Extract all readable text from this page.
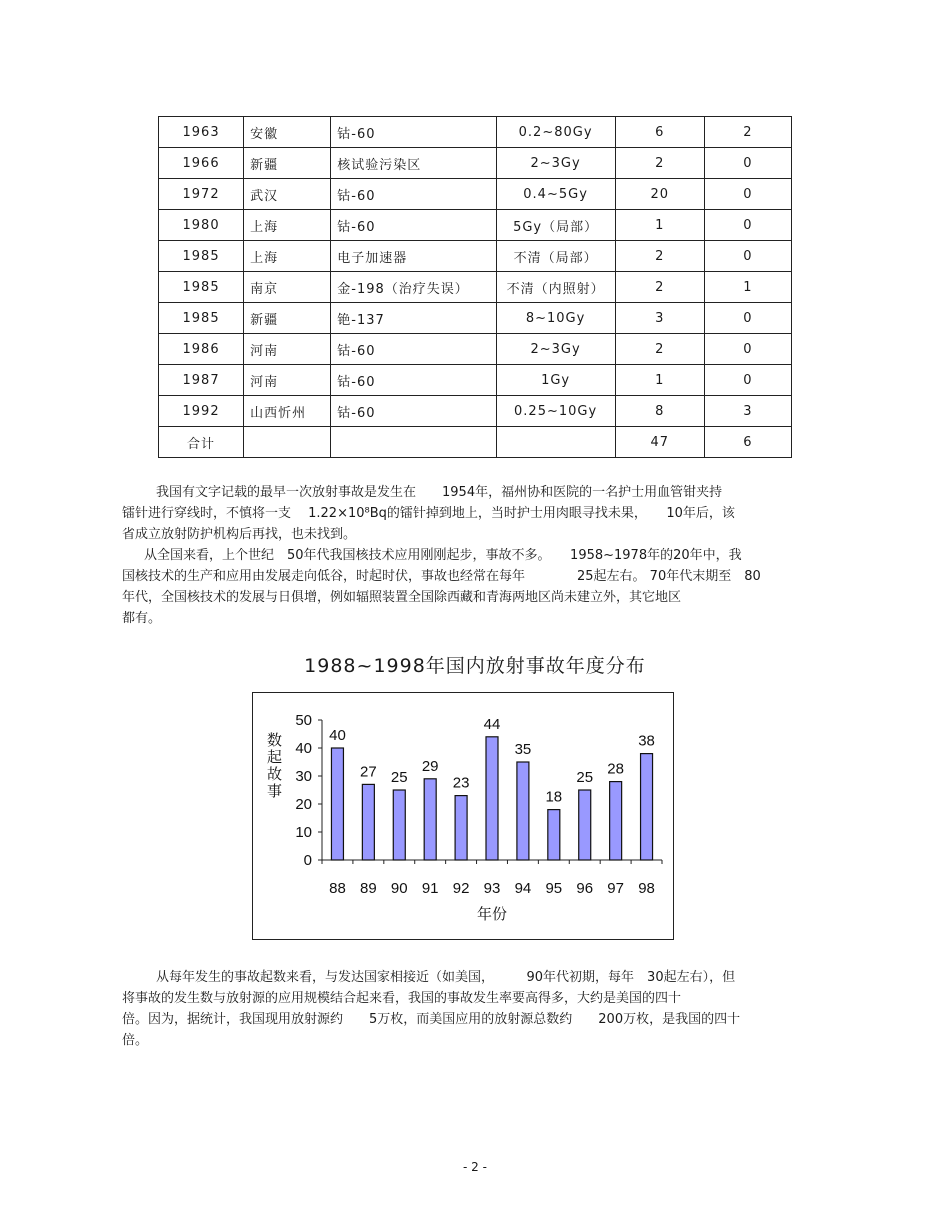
1963	安徽	钴-60	0.2~80Gy	6	2
1966	新疆	核试验污染区	2~3Gy	2	0
1972	武汉	钴-60	0.4~5Gy	20	0
1980	上海	钴-60	5Gy（局部）	1	0
1985	上海	电子加速器	不清（局部）	2	0
1985	南京	金-198（治疗失误）	不清（内照射）	2	1
1985	新疆	铯-137	8~10Gy	3	0
1986	河南	钴-60	2~3Gy	2	0
1987	河南	钴-60	1Gy	1	0
1992	山西忻州	钴-60	0.25~10Gy	8	3
合计				47	6

我国有文字记载的最早一次放射事故是发生在　　1954年，福州协和医院的一名护士用血管钳夹持
镭针进行穿线时，不慎将一支　 1.22×10⁸Bq的镭针掉到地上，当时护士用肉眼寻找未果，　　10年后，该
省成立放射防护机构后再找，也未找到。

从全国来看，上个世纪　50年代我国核技术应用刚刚起步，事故不多。　　1958~1978年的20年中，我
国核技术的生产和应用由发展走向低谷，时起时伏，事故也经常在每年　　　　25起左右。 70年代末期至　80
年代，全国核技术的发展与日俱增，例如辐照装置全国除西藏和青海两地区尚未建立外，其它地区
都有。

1988~1998年国内放射事故年度分布
0
10
20
30
40
50
40
88
27
89
25
90
29
91
23
92
44
93
35
94
18
95
25
96
28
97
38
98
年份
数起故事

从每年发生的事故起数来看，与发达国家相接近（如美国，　　　90年代初期，每年　30起左右），但
将事故的发生数与放射源的应用规模结合起来看，我国的事故发生率要高得多，大约是美国的四十
倍。因为，据统计，我国现用放射源约　　5万枚，而美国应用的放射源总数约　　200万枚，是我国的四十
倍。

- 2 -
